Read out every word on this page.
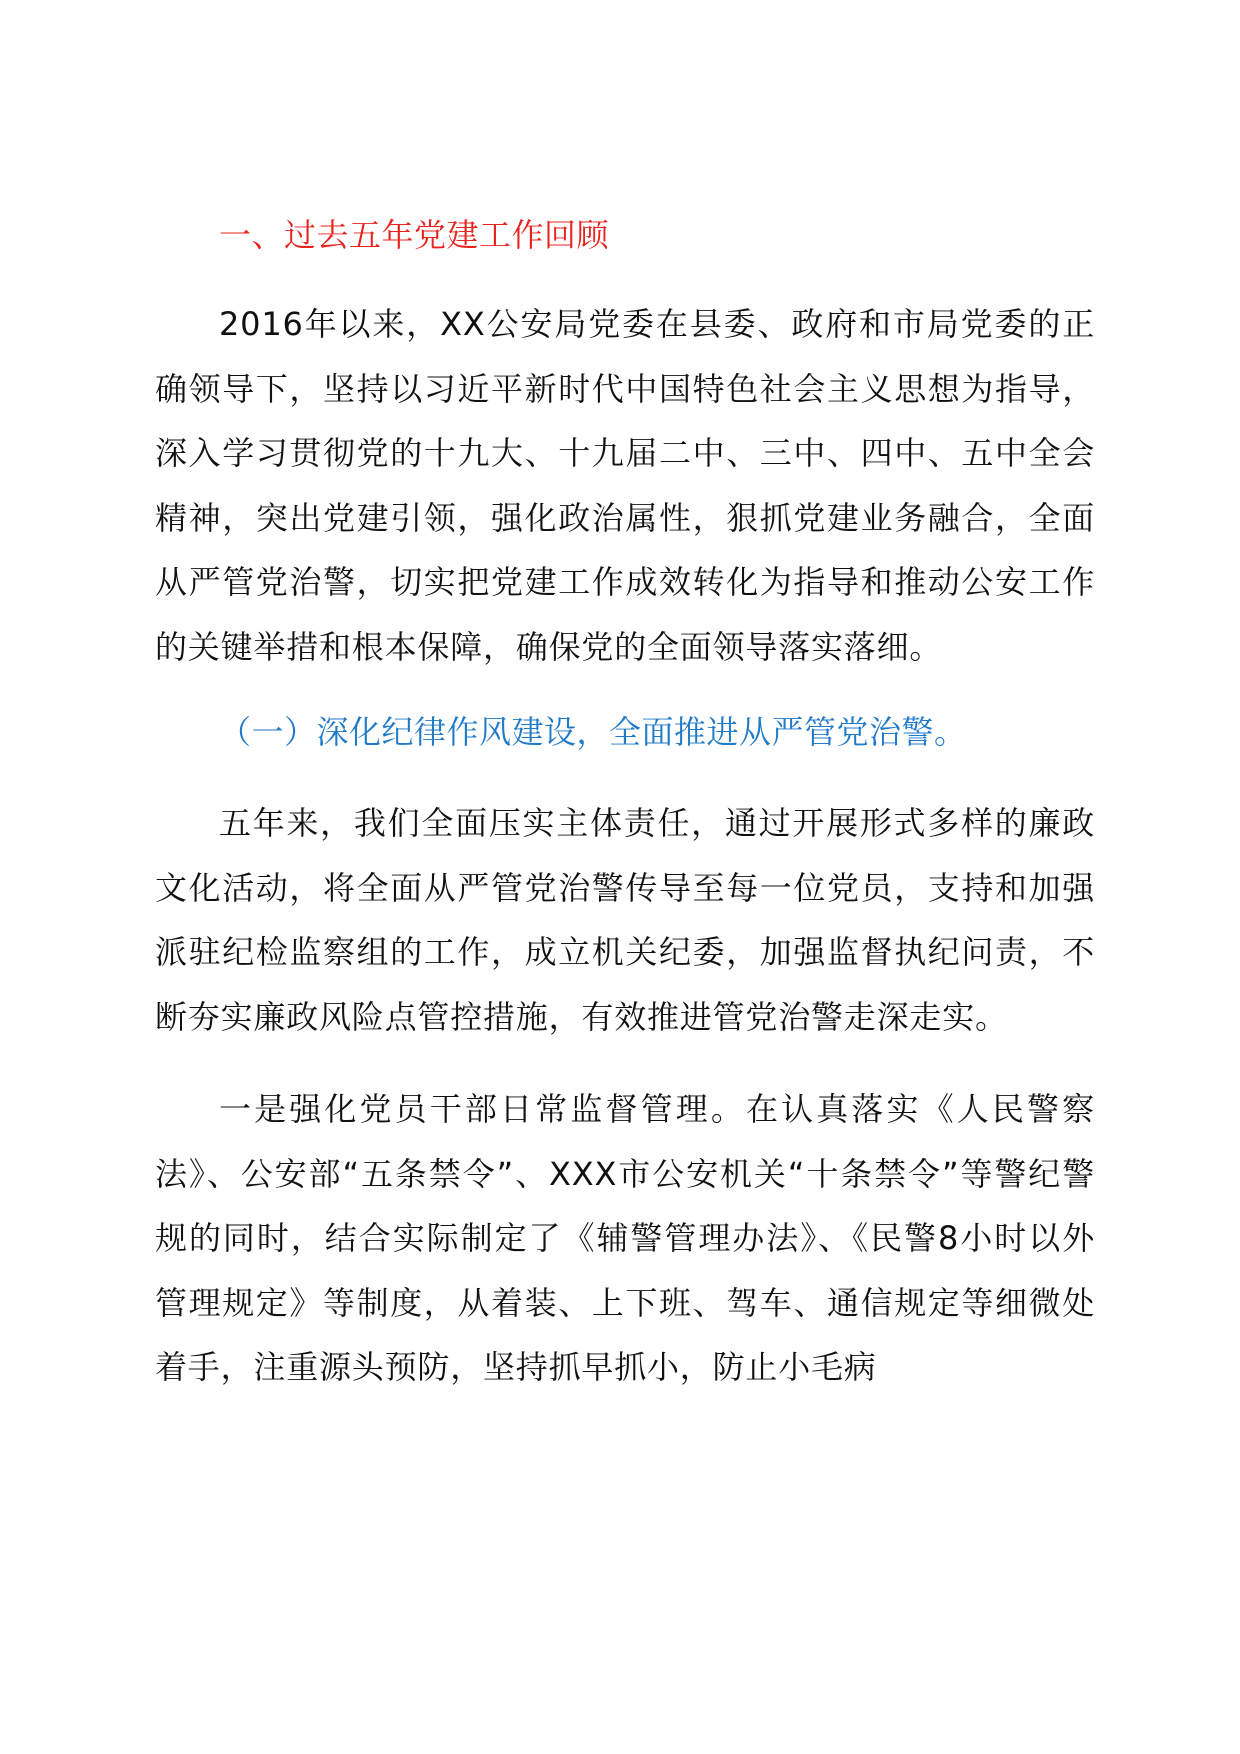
一、过去五年党建工作回顾

2016年以来，XX公安局党委在县委、政府和市局党委的正确领导下，坚持以习近平新时代中国特色社会主义思想为指导，深入学习贯彻党的十九大、十九届二中、三中、四中、五中全会精神，突出党建引领，强化政治属性，狠抓党建业务融合，全面从严管党治警，切实把党建工作成效转化为指导和推动公安工作的关键举措和根本保障，确保党的全面领导落实落细。

（一）深化纪律作风建设，全面推进从严管党治警。

五年来，我们全面压实主体责任，通过开展形式多样的廉政文化活动，将全面从严管党治警传导至每一位党员，支持和加强派驻纪检监察组的工作，成立机关纪委，加强监督执纪问责，不断夯实廉政风险点管控措施，有效推进管党治警走深走实。

一是强化党员干部日常监督管理。在认真落实《人民警察法》、公安部“五条禁令”、XXX市公安机关“十条禁令”等警纪警规的同时，结合实际制定了《辅警管理办法》、《民警8小时以外管理规定》等制度，从着装、上下班、驾车、通信规定等细微处着手，注重源头预防，坚持抓早抓小，防止小毛病
